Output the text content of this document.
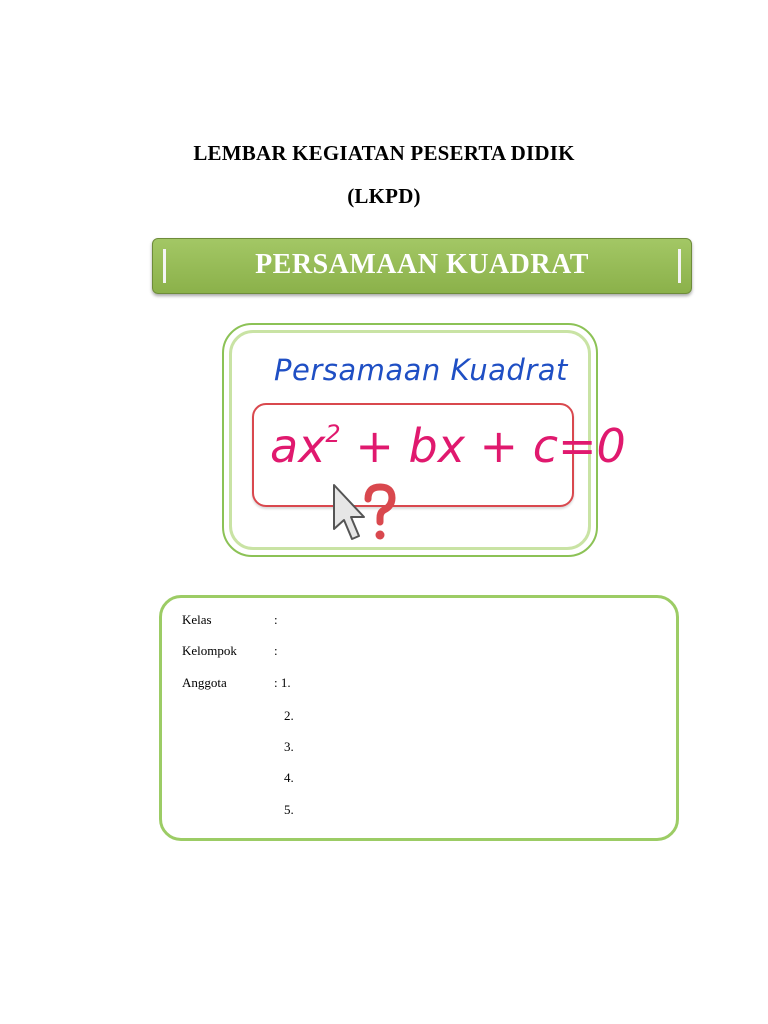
LEMBAR KEGIATAN PESERTA DIDIK
(LKPD)
PERSAMAAN KUADRAT
Persamaan Kuadrat
$ax^2$ + bx + c=0
Kelas	:
Kelompok	:
Anggota	: 1.
2.
3.
4.
5.
